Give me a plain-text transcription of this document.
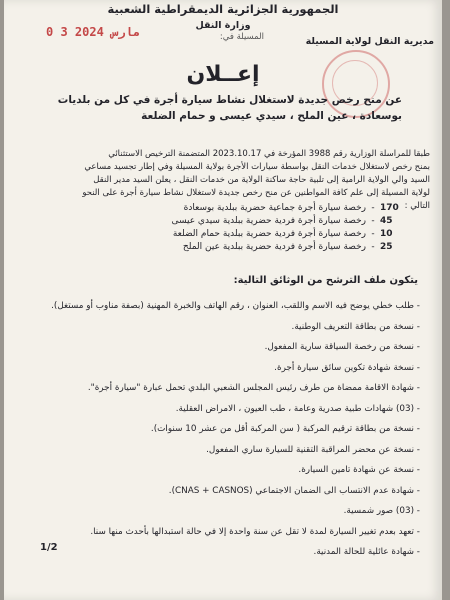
الجمهورية الجزائرية الديمقراطية الشعبية
وزارة النقل
مديرية النقل لولاية المسيلة
المسيلة في:
0 3 مارس 2024
إعــلان
عن منح رخص جديدة لاستغلال نشاط سيارة أجرة في كل من بلديات
بوسعادة ، عين الملح ، سيدي عيسى و حمام الضلعة
طبقا للمراسلة الوزارية رقم 3988 المؤرخة في 2023.10.17 المتضمنة الترخيص الاستثنائي
بمنح رخص لاستغلال خدمات النقل بواسطة سيارات الأجرة بولاية المسيلة وفي إطار تجسيد مساعي
السيد والي الولاية الرامية إلى تلبية حاجة ساكنة الولاية من خدمات النقل ، يعلن السيد مدير النقل
لولاية المسيلة إلى علم كافة المواطنين عن منح رخص جديدة لاستغلال نشاط سيارة أجرة على النحو
التالي :
170
-
رخصة سيارة أجرة جماعية حضرية ببلدية بوسعادة
45
-
رخصة سيارة أجرة فردية حضرية ببلدية سيدي عيسى
10
-
رخصة سيارة أجرة فردية حضرية ببلدية حمام الضلعة
25
-
رخصة سيارة أجرة فردية حضرية ببلدية عين الملح
يتكون ملف الترشح من الوثائق التالية:
- طلب خطي يوضح فيه الاسم واللقب، العنوان ، رقم الهاتف والخبرة المهنية (بصفة مناوب أو مستغل).
- نسخة من بطاقة التعريف الوطنية.
- نسخة من رخصة السياقة سارية المفعول.
- نسخة شهادة تكوين سائق سيارة أجرة.
- شهادة الاقامة ممضاة من طرف رئيس المجلس الشعبي البلدي تحمل عبارة "سيارة أجرة".
- (03) شهادات طبية صدرية وعامة ، طب العيون ، الامراض العقلية.
- نسخة من بطاقة ترقيم المركبة ( سن المركبة أقل من عشر 10 سنوات).
- نسخة عن محضر المراقبة التقنية للسيارة ساري المفعول.
- نسخة عن شهادة تامين السيارة.
- شهادة عدم الانتساب الى الضمان الاجتماعي (CNAS + CASNOS).
- (03) صور شمسية.
- تعهد بعدم تغيير السيارة لمدة لا تقل عن سنة واحدة إلا في حالة استبدالها بأحدث منها سنا.
- شهادة عائلية للحالة المدنية.
1/2
